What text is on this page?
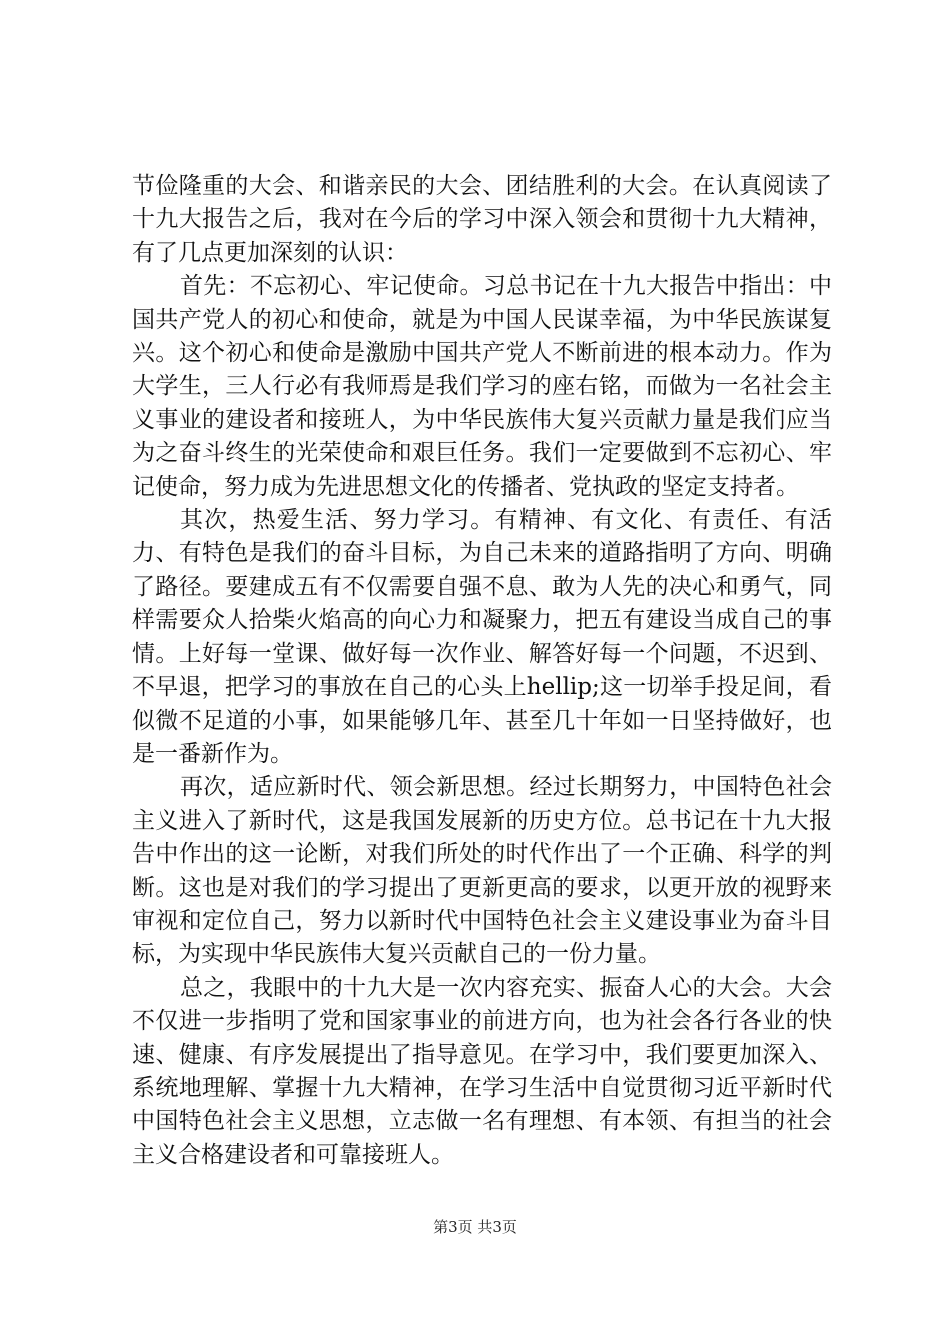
节俭隆重的大会、和谐亲民的大会、团结胜利的大会。在认真阅读了十九大报告之后，我对在今后的学习中深入领会和贯彻十九大精神，有了几点更加深刻的认识：

首先：不忘初心、牢记使命。习总书记在十九大报告中指出：中国共产党人的初心和使命，就是为中国人民谋幸福，为中华民族谋复兴。这个初心和使命是激励中国共产党人不断前进的根本动力。作为大学生，三人行必有我师焉是我们学习的座右铭，而做为一名社会主义事业的建设者和接班人，为中华民族伟大复兴贡献力量是我们应当为之奋斗终生的光荣使命和艰巨任务。我们一定要做到不忘初心、牢记使命，努力成为先进思想文化的传播者、党执政的坚定支持者。

其次，热爱生活、努力学习。有精神、有文化、有责任、有活力、有特色是我们的奋斗目标，为自己未来的道路指明了方向、明确了路径。要建成五有不仅需要自强不息、敢为人先的决心和勇气，同样需要众人拾柴火焰高的向心力和凝聚力，把五有建设当成自己的事情。上好每一堂课、做好每一次作业、解答好每一个问题，不迟到、不早退，把学习的事放在自己的心头上hellip;这一切举手投足间，看似微不足道的小事，如果能够几年、甚至几十年如一日坚持做好，也是一番新作为。

再次，适应新时代、领会新思想。经过长期努力，中国特色社会主义进入了新时代，这是我国发展新的历史方位。总书记在十九大报告中作出的这一论断，对我们所处的时代作出了一个正确、科学的判断。这也是对我们的学习提出了更新更高的要求，以更开放的视野来审视和定位自己，努力以新时代中国特色社会主义建设事业为奋斗目标，为实现中华民族伟大复兴贡献自己的一份力量。

总之，我眼中的十九大是一次内容充实、振奋人心的大会。大会不仅进一步指明了党和国家事业的前进方向，也为社会各行各业的快速、健康、有序发展提出了指导意见。在学习中，我们要更加深入、系统地理解、掌握十九大精神，在学习生活中自觉贯彻习近平新时代中国特色社会主义思想，立志做一名有理想、有本领、有担当的社会主义合格建设者和可靠接班人。

第3页 共3页
